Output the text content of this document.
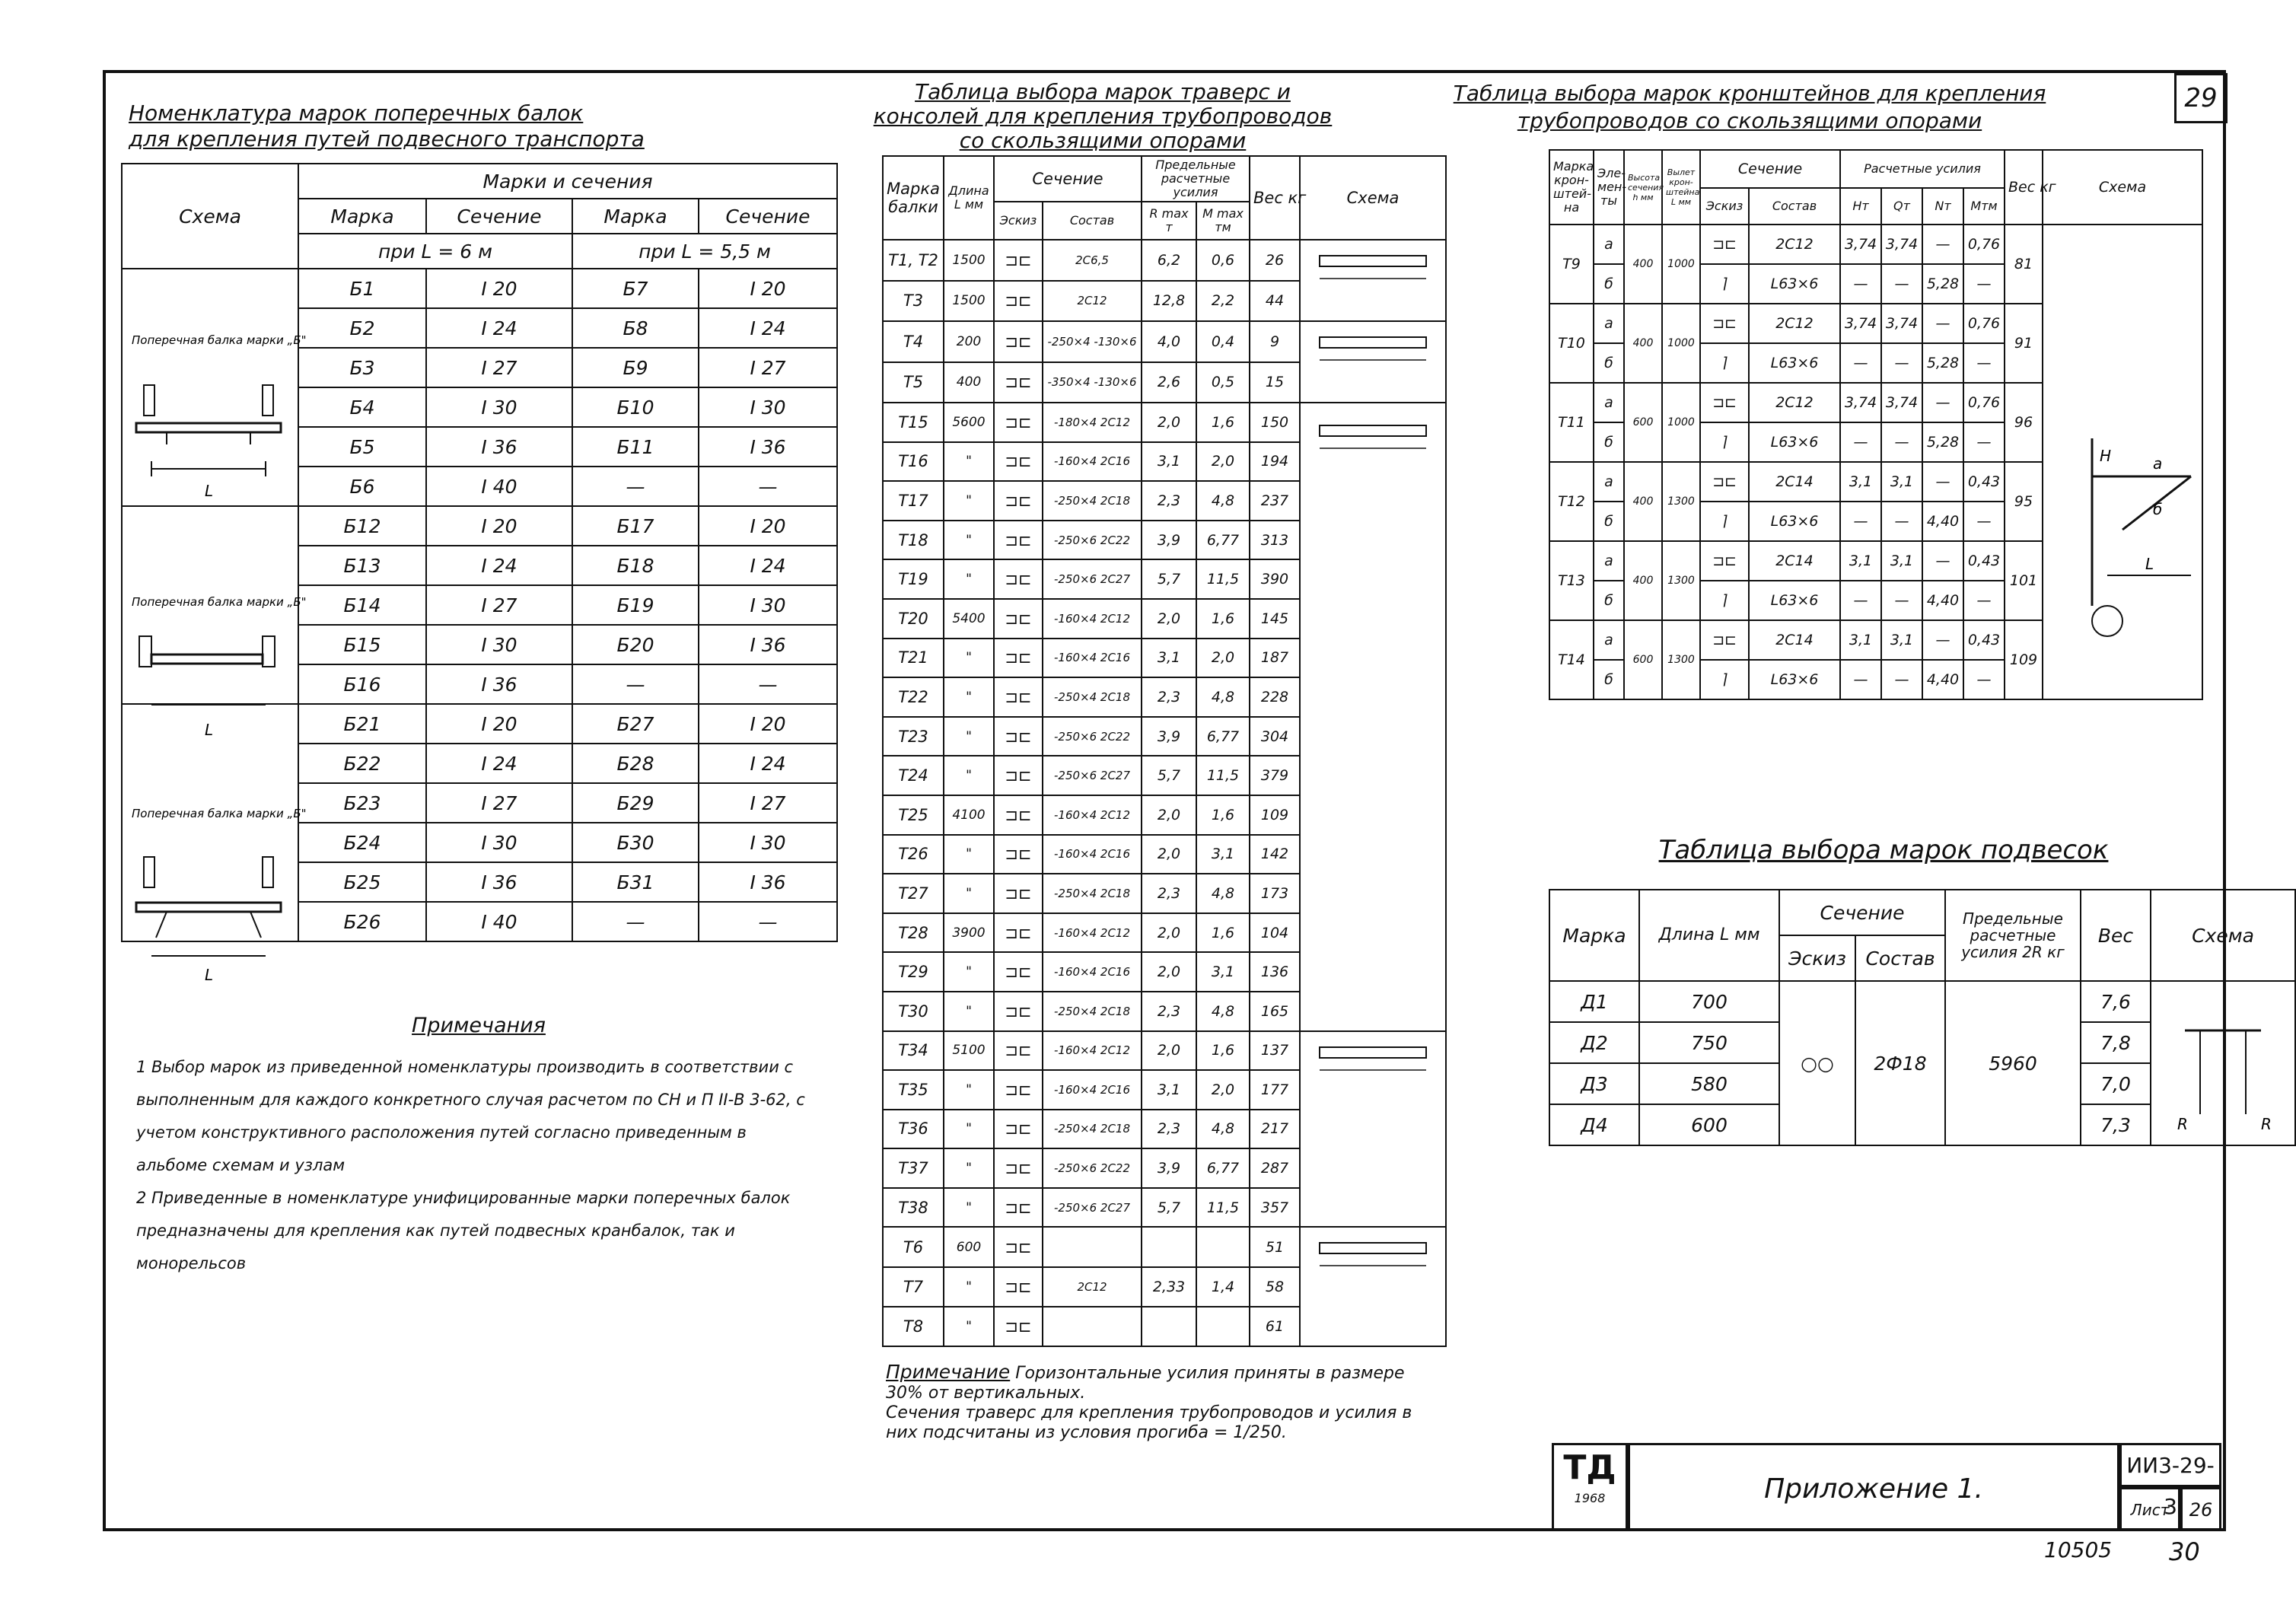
Номенклатура марок поперечных балок
для крепления путей подвесного транспорта
Схема	Марки и сечения			
	Марка	Сечение	Марка	Сечение
	при L = 6 м		при L = 5,5 м	
	Б1	I 20	Б7	I 20
	Б2	I 24	Б8	I 24
	Б3	I 27	Б9	I 27
	Б4	I 30	Б10	I 30
	Б5	I 36	Б11	I 36
	Б6	I 40	—	—
	Б12	I 20	Б17	I 20
	Б13	I 24	Б18	I 24
	Б14	I 27	Б19	I 30
	Б15	I 30	Б20	I 36
	Б16	I 36	—	—
	Б21	I 20	Б27	I 20
	Б22	I 24	Б28	I 24
	Б23	I 27	Б29	I 27
	Б24	I 30	Б30	I 30
	Б25	I 36	Б31	I 36
	Б26	I 40	—	—
Поперечная балка марки „Б"
L
Поперечная балка марки „Б"
L
Поперечная балка марки „Б"
L
Примечания
1 Выбор марок из приведенной номенклатуры производить в соответствии с выполненным для каждого конкретного случая расчетом по СН и П II-В 3-62, с учетом конструктивного расположения путей согласно приведенным в альбоме схемам и узлам
2 Приведенные в номенклатуре унифицированные марки поперечных балок предназначены для крепления как путей подвесных кранбалок, так и монорельсов
Таблица выбора марок траверс и
консолей для крепления трубопроводов
со скользящими опорами
Марка
балки	Длина L мм	Сечение		Предельные расчетные усилия		Вес кг	Схема
		Эскиз	Состав	R max т	M max тм		
Т1, Т2	1500	⊐⊏	2С6,5	6,2	0,6	26	
Т3	1500	⊐⊏	2С12	12,8	2,2	44	
Т4	200	⊐⊏	-250×4 -130×6	4,0	0,4	9	
Т5	400	⊐⊏	-350×4 -130×6	2,6	0,5	15	
Т15	5600	⊐⊏	-180×4 2С12	2,0	1,6	150	
Т16	"	⊐⊏	-160×4 2С16	3,1	2,0	194	
Т17	"	⊐⊏	-250×4 2С18	2,3	4,8	237	
Т18	"	⊐⊏	-250×6 2С22	3,9	6,77	313	
Т19	"	⊐⊏	-250×6 2С27	5,7	11,5	390	
Т20	5400	⊐⊏	-160×4 2С12	2,0	1,6	145	
Т21	"	⊐⊏	-160×4 2С16	3,1	2,0	187	
Т22	"	⊐⊏	-250×4 2С18	2,3	4,8	228	
Т23	"	⊐⊏	-250×6 2С22	3,9	6,77	304	
Т24	"	⊐⊏	-250×6 2С27	5,7	11,5	379	
Т25	4100	⊐⊏	-160×4 2С12	2,0	1,6	109	
Т26	"	⊐⊏	-160×4 2С16	2,0	3,1	142	
Т27	"	⊐⊏	-250×4 2С18	2,3	4,8	173	
Т28	3900	⊐⊏	-160×4 2С12	2,0	1,6	104	
Т29	"	⊐⊏	-160×4 2С16	2,0	3,1	136	
Т30	"	⊐⊏	-250×4 2С18	2,3	4,8	165	
Т34	5100	⊐⊏	-160×4 2С12	2,0	1,6	137	
Т35	"	⊐⊏	-160×4 2С16	3,1	2,0	177	
Т36	"	⊐⊏	-250×4 2С18	2,3	4,8	217	
Т37	"	⊐⊏	-250×6 2С22	3,9	6,77	287	
Т38	"	⊐⊏	-250×6 2С27	5,7	11,5	357	
Т6	600	⊐⊏				51	
Т7	"	⊐⊏	2С12	2,33	1,4	58	
Т8	"	⊐⊏				61	
Примечание Горизонтальные усилия приняты в размере 30% от вертикальных.
Сечения траверс для крепления трубопроводов и усилия в них подсчитаны из условия прогиба = 1/250.
Таблица выбора марок кронштейнов для крепления
трубопроводов со скользящими опорами
Марка крон-штей-на	Эле-мен-ты	Высота сечения h мм	Вылет крон-штейна L мм	Сечение		Расчетные усилия				Вес кг	Схема
				Эскиз	Состав	Нт	Qт	Nт	Мтм		
Т9	а	400	1000	⊐⊏	2С12	3,74	3,74	—	0,76	81	
	б			⌉	L63×6	—	—	5,28	—		
Т10	а	400	1000	⊐⊏	2С12	3,74	3,74	—	0,76	91	
	б			⌉	L63×6	—	—	5,28	—		
Т11	а	600	1000	⊐⊏	2С12	3,74	3,74	—	0,76	96	
	б			⌉	L63×6	—	—	5,28	—		
Т12	а	400	1300	⊐⊏	2С14	3,1	3,1	—	0,43	95	
	б			⌉	L63×6	—	—	4,40	—		
Т13	а	400	1300	⊐⊏	2С14	3,1	3,1	—	0,43	101	
	б			⌉	L63×6	—	—	4,40	—		
Т14	а	600	1300	⊐⊏	2С14	3,1	3,1	—	0,43	109	
	б			⌉	L63×6	—	—	4,40	—		
а
б
H
L
Таблица выбора марок подвесок
Марка	Длина L мм	Сечение		Предельные расчетные усилия 2R кг	Вес	Схема
		Эскиз	Состав			
Д1	700	○○	2Ф18	5960	7,6	R R

Д2	750				7,8	
Д3	580				7,0	
Д4	600				7,3	
29
ТД
1968	Приложение 1.
ИИ3-29-3
Лист	26
10505 30
